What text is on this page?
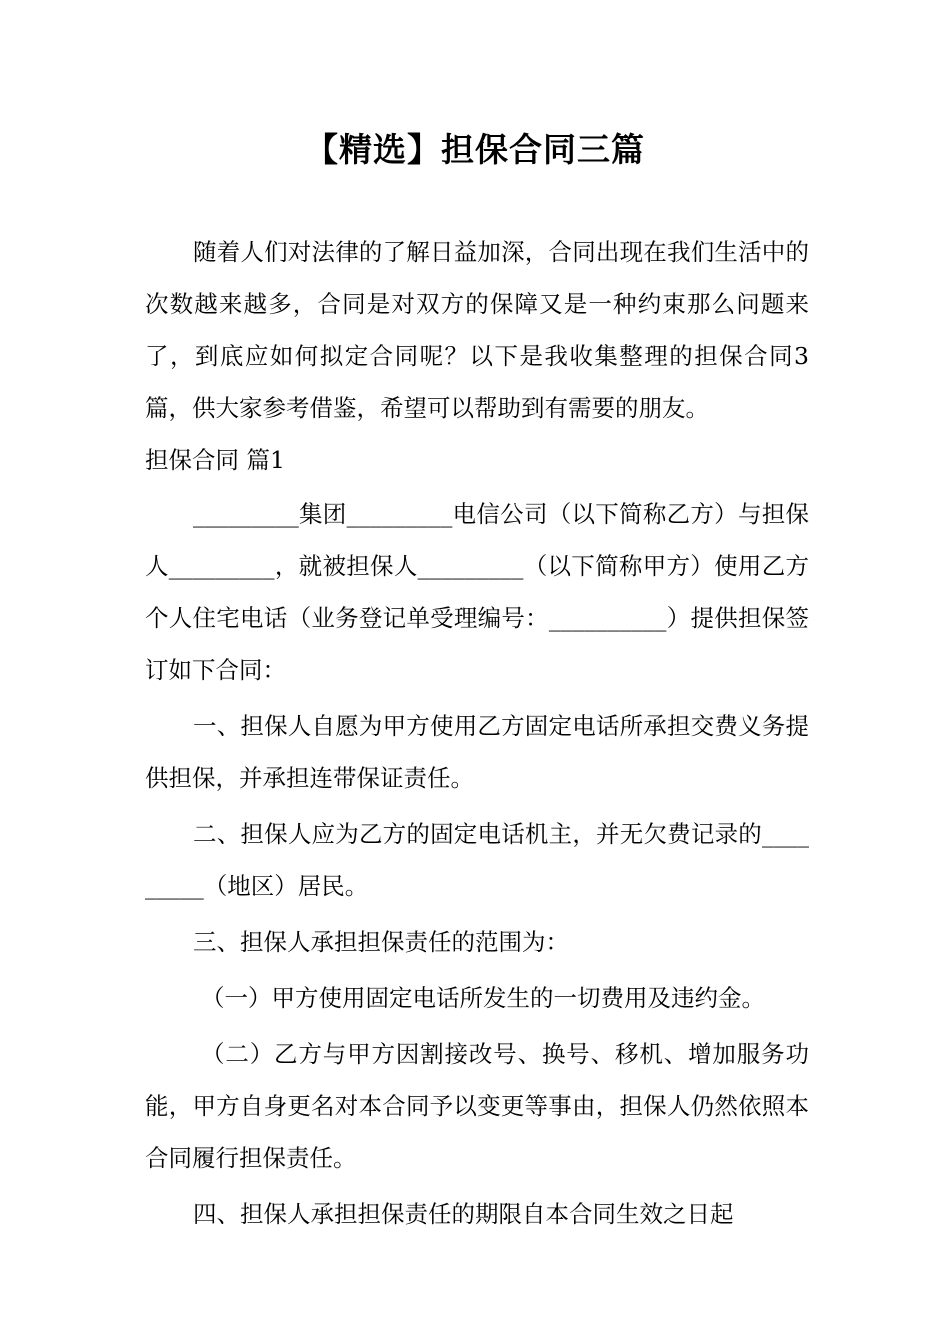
【精选】担保合同三篇

随着人们对法律的了解日益加深，合同出现在我们生活中的次数越来越多，合同是对双方的保障又是一种约束那么问题来了，到底应如何拟定合同呢？以下是我收集整理的担保合同3篇，供大家参考借鉴，希望可以帮助到有需要的朋友。

担保合同 篇1

_________集团_________电信公司（以下简称乙方）与担保人_________，就被担保人_________（以下简称甲方）使用乙方个人住宅电话（业务登记单受理编号：__________）提供担保签订如下合同：

一、担保人自愿为甲方使用乙方固定电话所承担交费义务提供担保，并承担连带保证责任。

二、担保人应为乙方的固定电话机主，并无欠费记录的_________（地区）居民。

三、担保人承担担保责任的范围为：

（一）甲方使用固定电话所发生的一切费用及违约金。

（二）乙方与甲方因割接改号、换号、移机、增加服务功能，甲方自身更名对本合同予以变更等事由，担保人仍然依照本合同履行担保责任。

四、担保人承担担保责任的期限自本合同生效之日起
